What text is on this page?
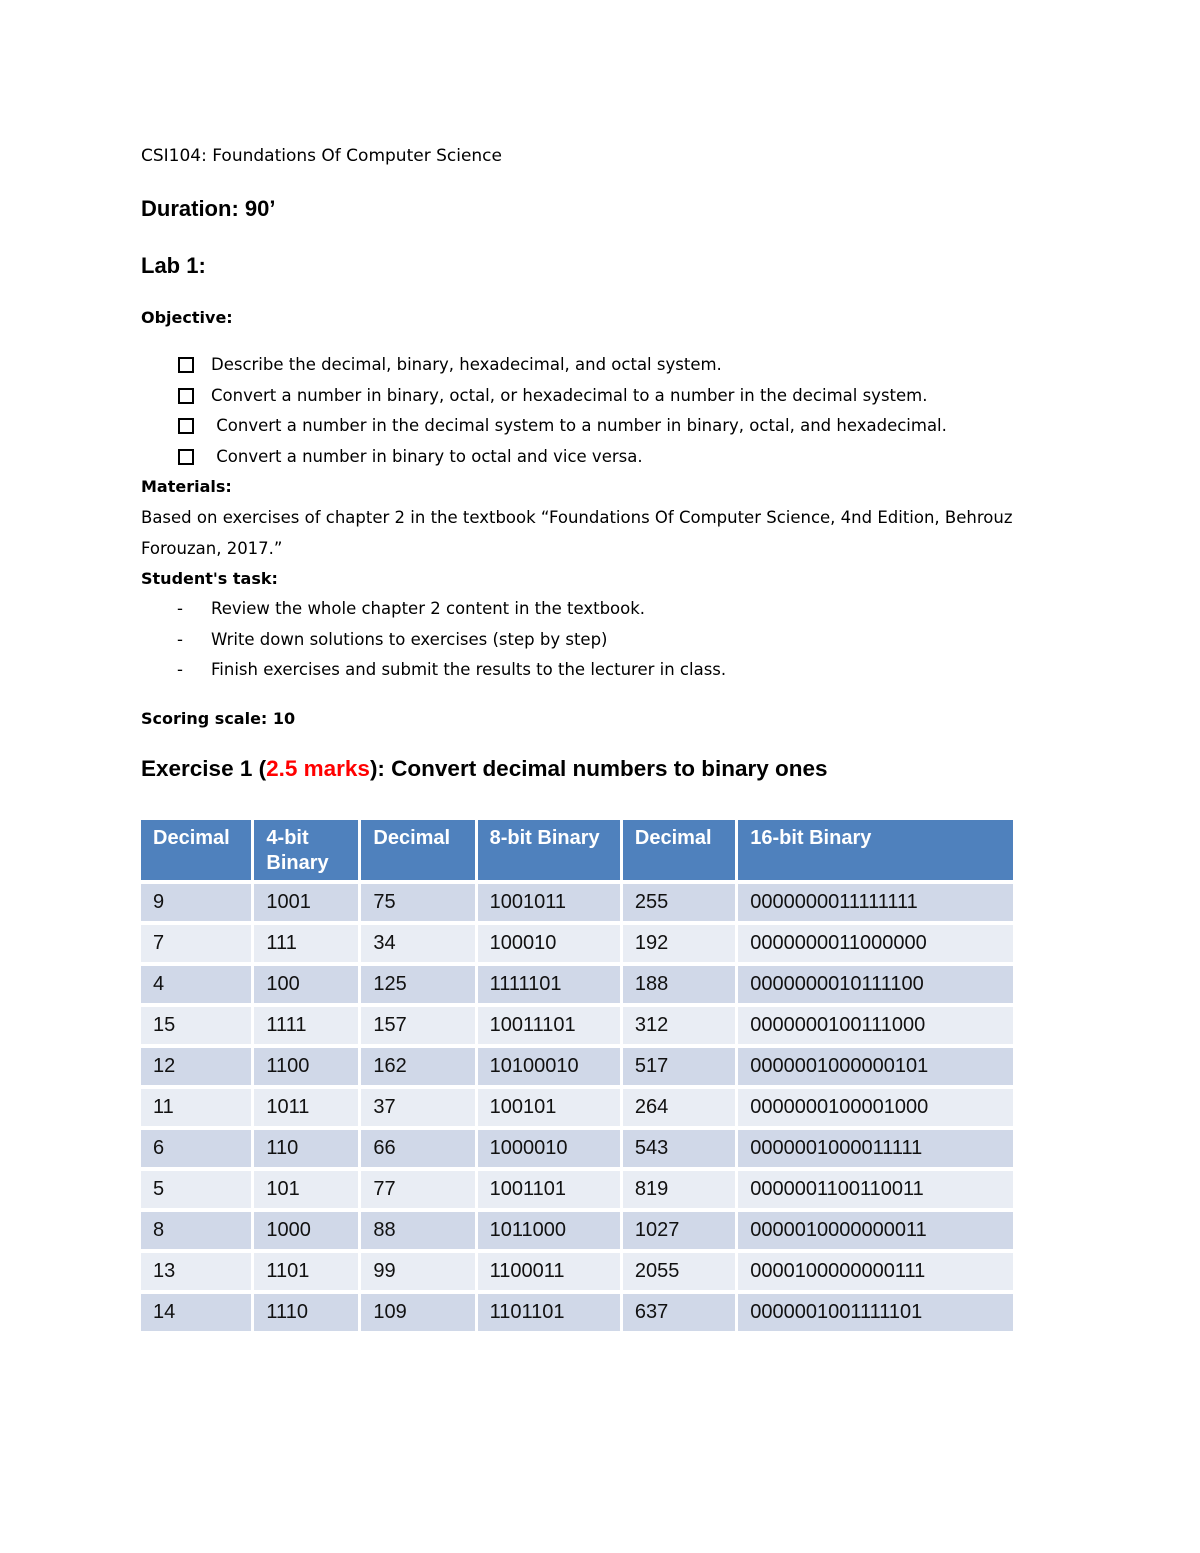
CSI104: Foundations Of Computer Science
Duration: 90’
Lab 1:
Objective:
Describe the decimal, binary, hexadecimal, and octal system.
Convert a number in binary, octal, or hexadecimal to a number in the decimal system.
Convert a number in the decimal system to a number in binary, octal, and hexadecimal.
Convert a number in binary to octal and vice versa.
Materials:
Based on exercises of chapter 2 in the textbook “Foundations Of Computer Science, 4nd Edition, Behrouz Forouzan, 2017.”
Student's task:
- Review the whole chapter 2 content in the textbook.
- Write down solutions to exercises (step by step)
- Finish exercises and submit the results to the lecturer in class.
Scoring scale: 10
Exercise 1 (2.5 marks): Convert decimal numbers to binary ones
Decimal	4-bit Binary	Decimal	8-bit Binary	Decimal	16-bit Binary
9	1001	75	1001011	255	0000000011111111
7	111	34	100010	192	0000000011000000
4	100	125	1111101	188	0000000010111100
15	1111	157	10011101	312	0000000100111000
12	1100	162	10100010	517	0000001000000101
11	1011	37	100101	264	0000000100001000
6	110	66	1000010	543	0000001000011111
5	101	77	1001101	819	0000001100110011
8	1000	88	1011000	1027	0000010000000011
13	1101	99	1100011	2055	0000100000000111
14	1110	109	1101101	637	0000001001111101
